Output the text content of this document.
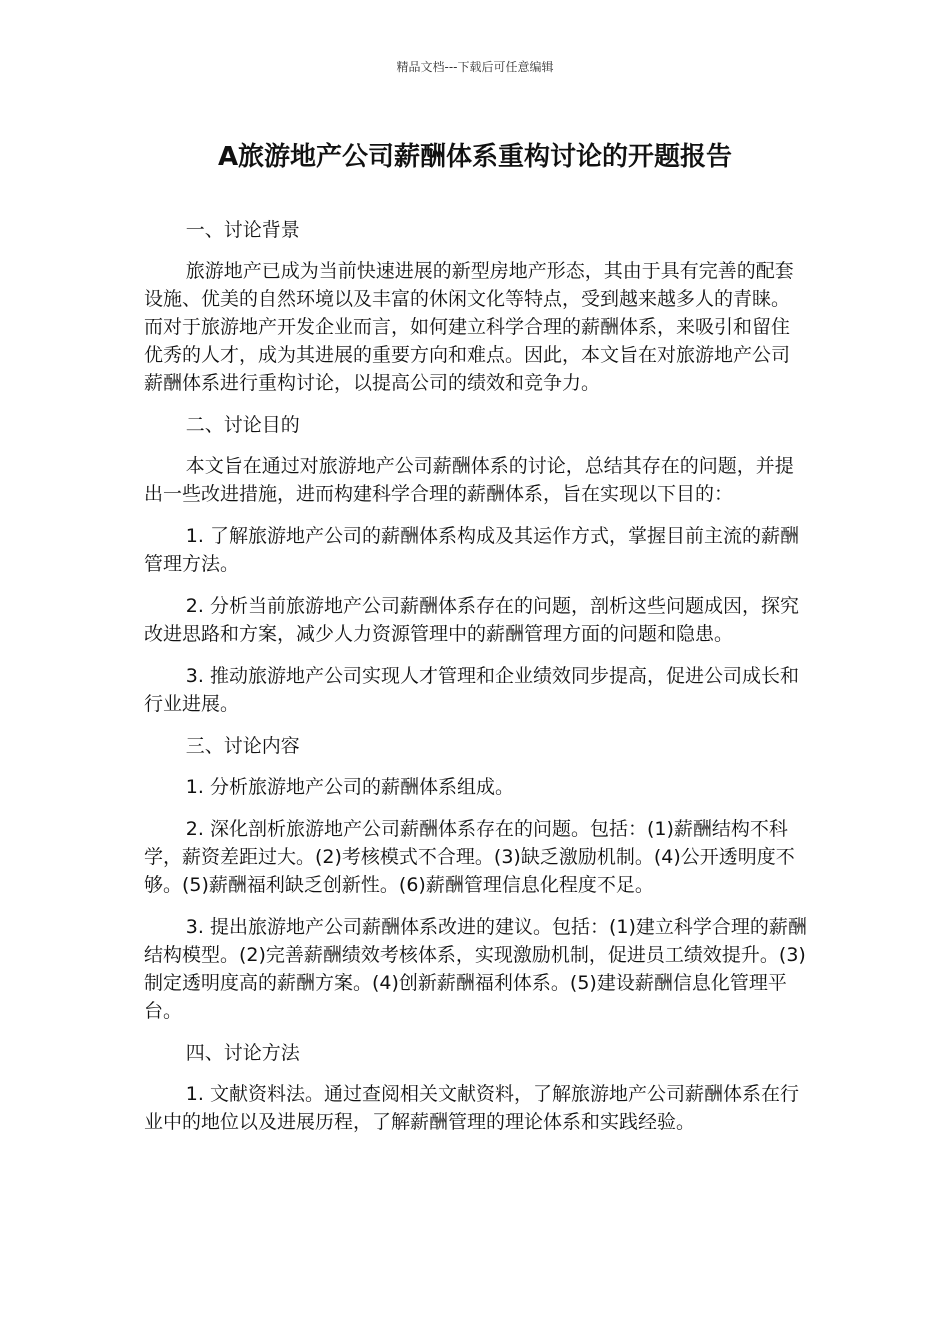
精品文档---下载后可任意编辑
A旅游地产公司薪酬体系重构讨论的开题报告

一、讨论背景

旅游地产已成为当前快速进展的新型房地产形态，其由于具有完善的配套设施、优美的自然环境以及丰富的休闲文化等特点，受到越来越多人的青睐。而对于旅游地产开发企业而言，如何建立科学合理的薪酬体系，来吸引和留住优秀的人才，成为其进展的重要方向和难点。因此，本文旨在对旅游地产公司薪酬体系进行重构讨论，以提高公司的绩效和竞争力。

二、讨论目的

本文旨在通过对旅游地产公司薪酬体系的讨论，总结其存在的问题，并提出一些改进措施，进而构建科学合理的薪酬体系，旨在实现以下目的：

1. 了解旅游地产公司的薪酬体系构成及其运作方式，掌握目前主流的薪酬管理方法。

2. 分析当前旅游地产公司薪酬体系存在的问题，剖析这些问题成因，探究改进思路和方案，减少人力资源管理中的薪酬管理方面的问题和隐患。

3. 推动旅游地产公司实现人才管理和企业绩效同步提高，促进公司成长和行业进展。

三、讨论内容

1. 分析旅游地产公司的薪酬体系组成。

2. 深化剖析旅游地产公司薪酬体系存在的问题。包括：(1)薪酬结构不科学，薪资差距过大。(2)考核模式不合理。(3)缺乏激励机制。(4)公开透明度不够。(5)薪酬福利缺乏创新性。(6)薪酬管理信息化程度不足。

3. 提出旅游地产公司薪酬体系改进的建议。包括：(1)建立科学合理的薪酬结构模型。(2)完善薪酬绩效考核体系，实现激励机制，促进员工绩效提升。(3)制定透明度高的薪酬方案。(4)创新薪酬福利体系。(5)建设薪酬信息化管理平台。

四、讨论方法

1. 文献资料法。通过查阅相关文献资料，了解旅游地产公司薪酬体系在行业中的地位以及进展历程，了解薪酬管理的理论体系和实践经验。
